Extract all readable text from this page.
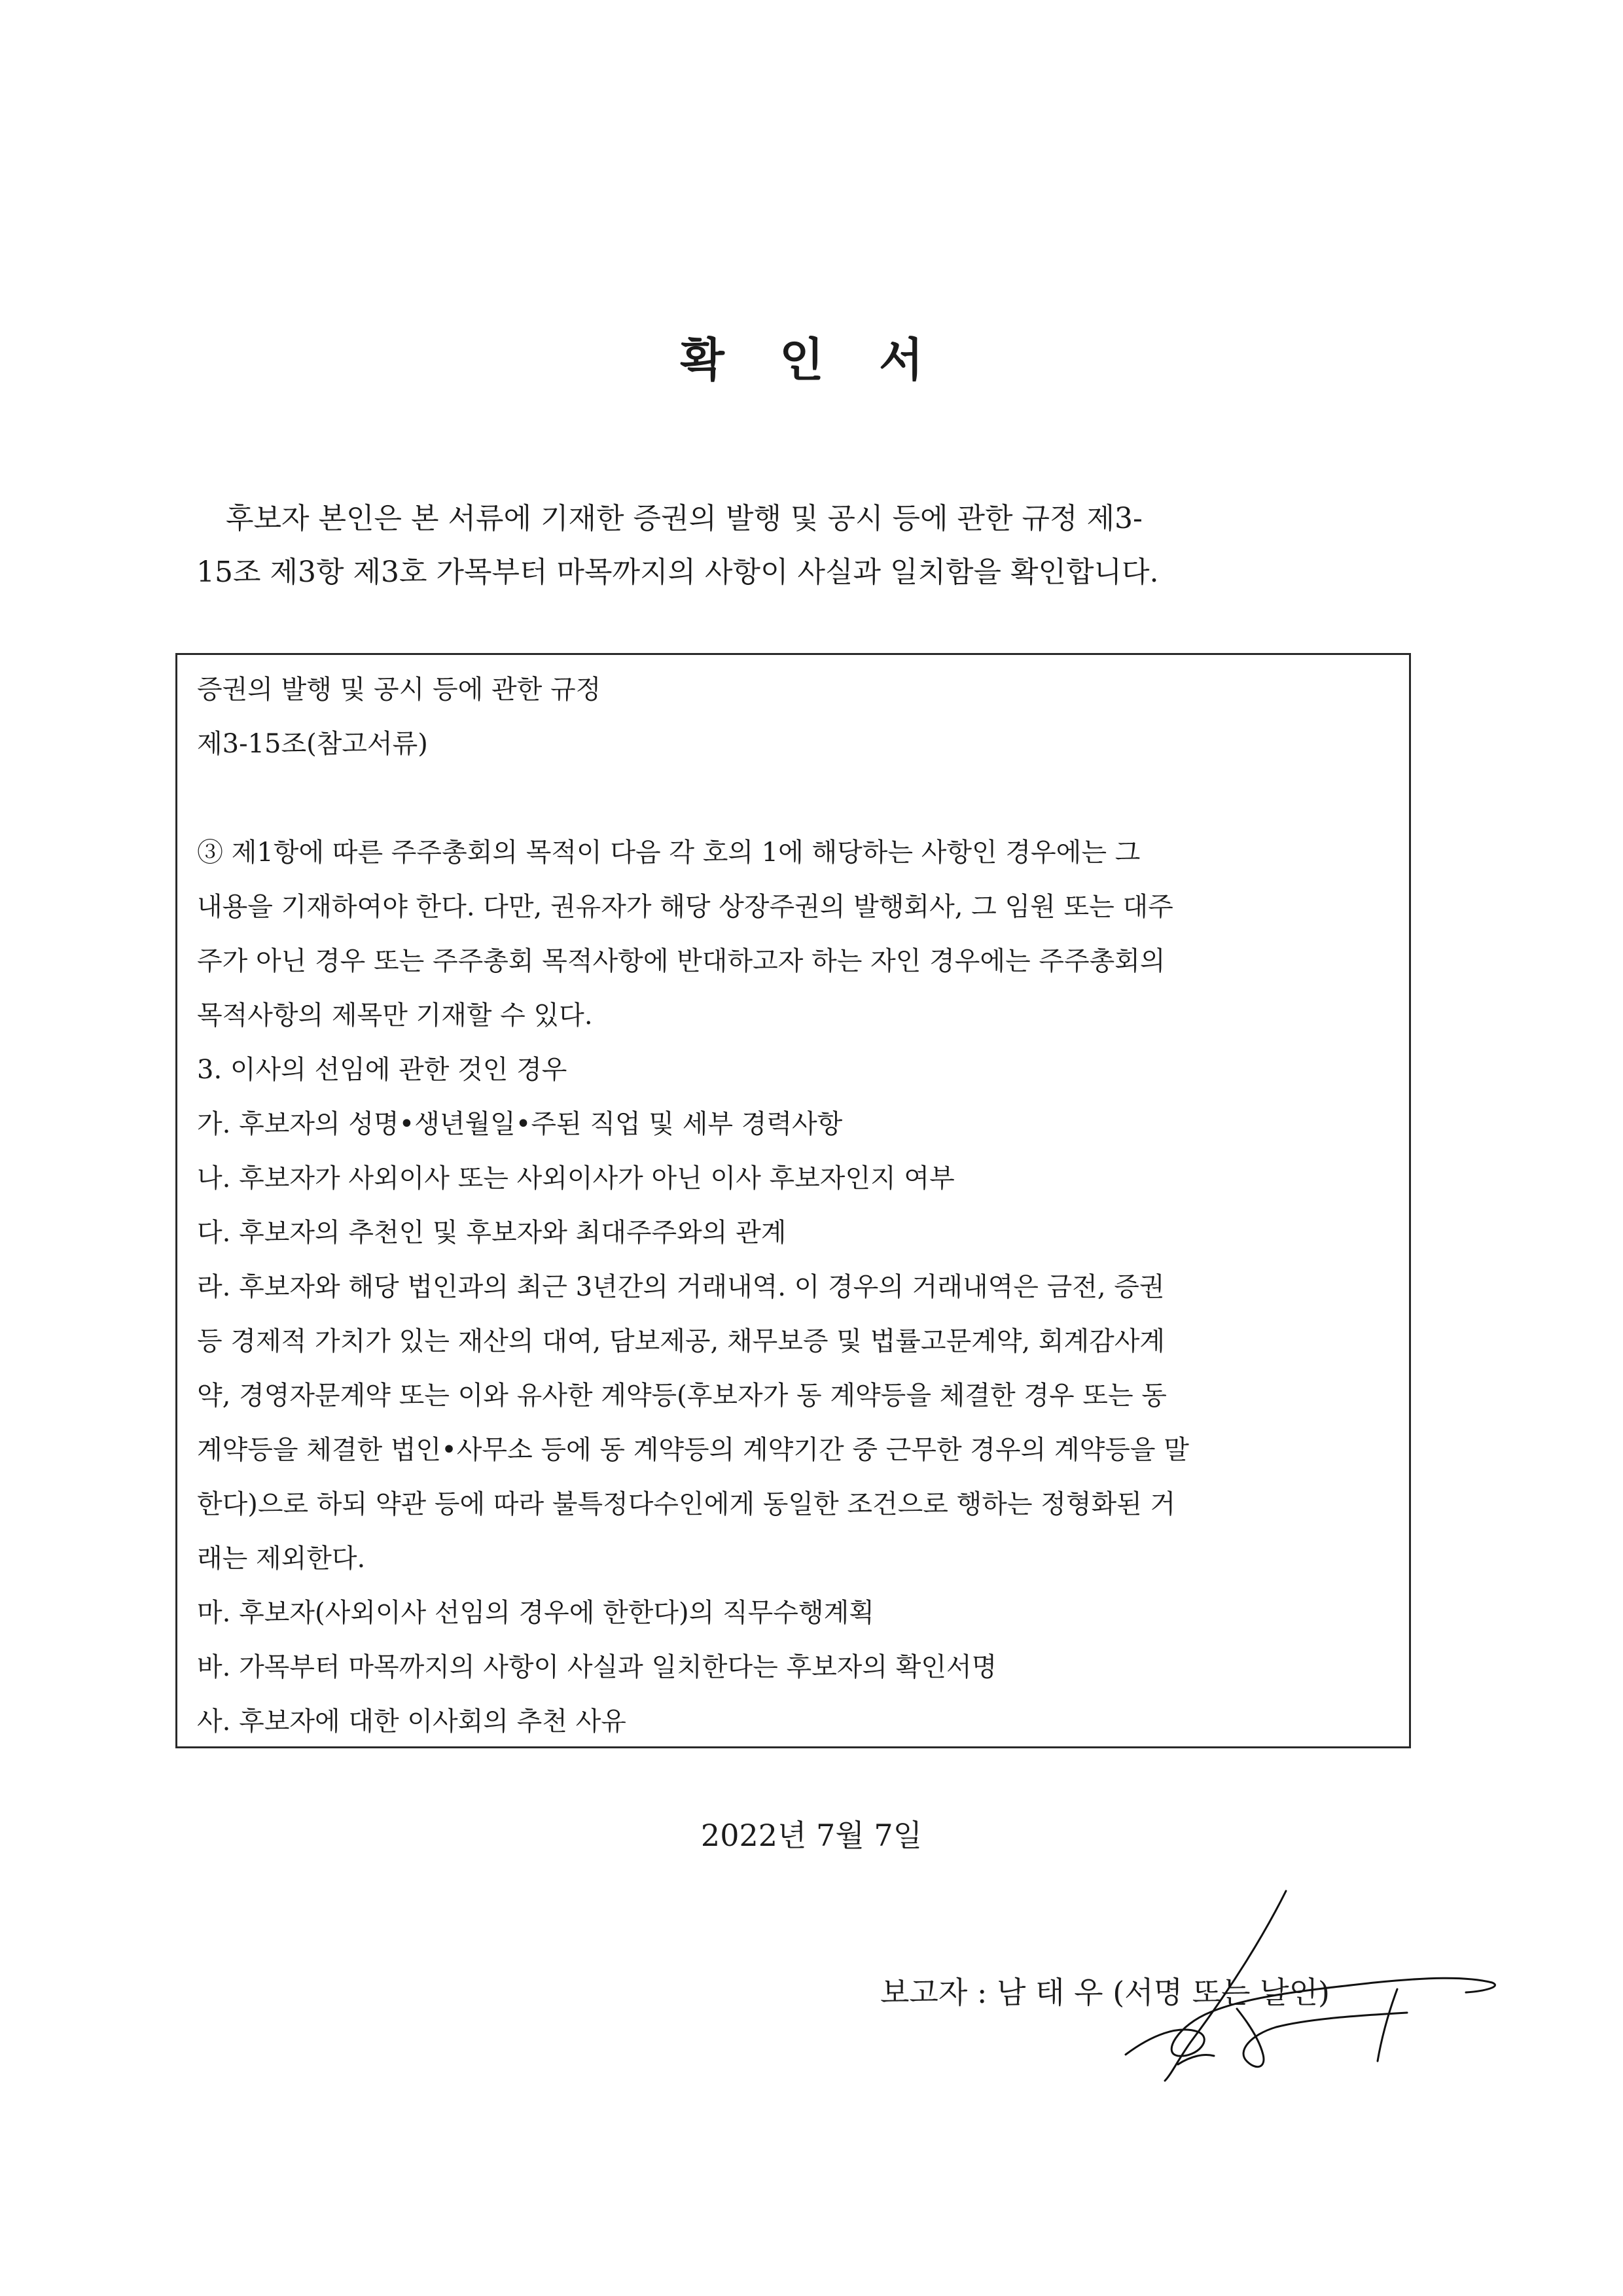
확 인 서
후보자 본인은 본 서류에 기재한 증권의 발행 및 공시 등에 관한 규정 제3-
15조 제3항 제3호 가목부터 마목까지의 사항이 사실과 일치함을 확인합니다.
증권의 발행 및 공시 등에 관한 규정
제3-15조(참고서류)
③ 제1항에 따른 주주총회의 목적이 다음 각 호의 1에 해당하는 사항인 경우에는 그
내용을 기재하여야 한다. 다만, 권유자가 해당 상장주권의 발행회사, 그 임원 또는 대주
주가 아닌 경우 또는 주주총회 목적사항에 반대하고자 하는 자인 경우에는 주주총회의
목적사항의 제목만 기재할 수 있다.
3. 이사의 선임에 관한 것인 경우
가. 후보자의 성명•생년월일•주된 직업 및 세부 경력사항
나. 후보자가 사외이사 또는 사외이사가 아닌 이사 후보자인지 여부
다. 후보자의 추천인 및 후보자와 최대주주와의 관계
라. 후보자와 해당 법인과의 최근 3년간의 거래내역. 이 경우의 거래내역은 금전, 증권
등 경제적 가치가 있는 재산의 대여, 담보제공, 채무보증 및 법률고문계약, 회계감사계
약, 경영자문계약 또는 이와 유사한 계약등(후보자가 동 계약등을 체결한 경우 또는 동
계약등을 체결한 법인•사무소 등에 동 계약등의 계약기간 중 근무한 경우의 계약등을 말
한다)으로 하되 약관 등에 따라 불특정다수인에게 동일한 조건으로 행하는 정형화된 거
래는 제외한다.
마. 후보자(사외이사 선임의 경우에 한한다)의 직무수행계획
바. 가목부터 마목까지의 사항이 사실과 일치한다는 후보자의 확인서명
사. 후보자에 대한 이사회의 추천 사유
2022년 7월 7일
보고자 : 남 태 우 (서명 또는 날인)
